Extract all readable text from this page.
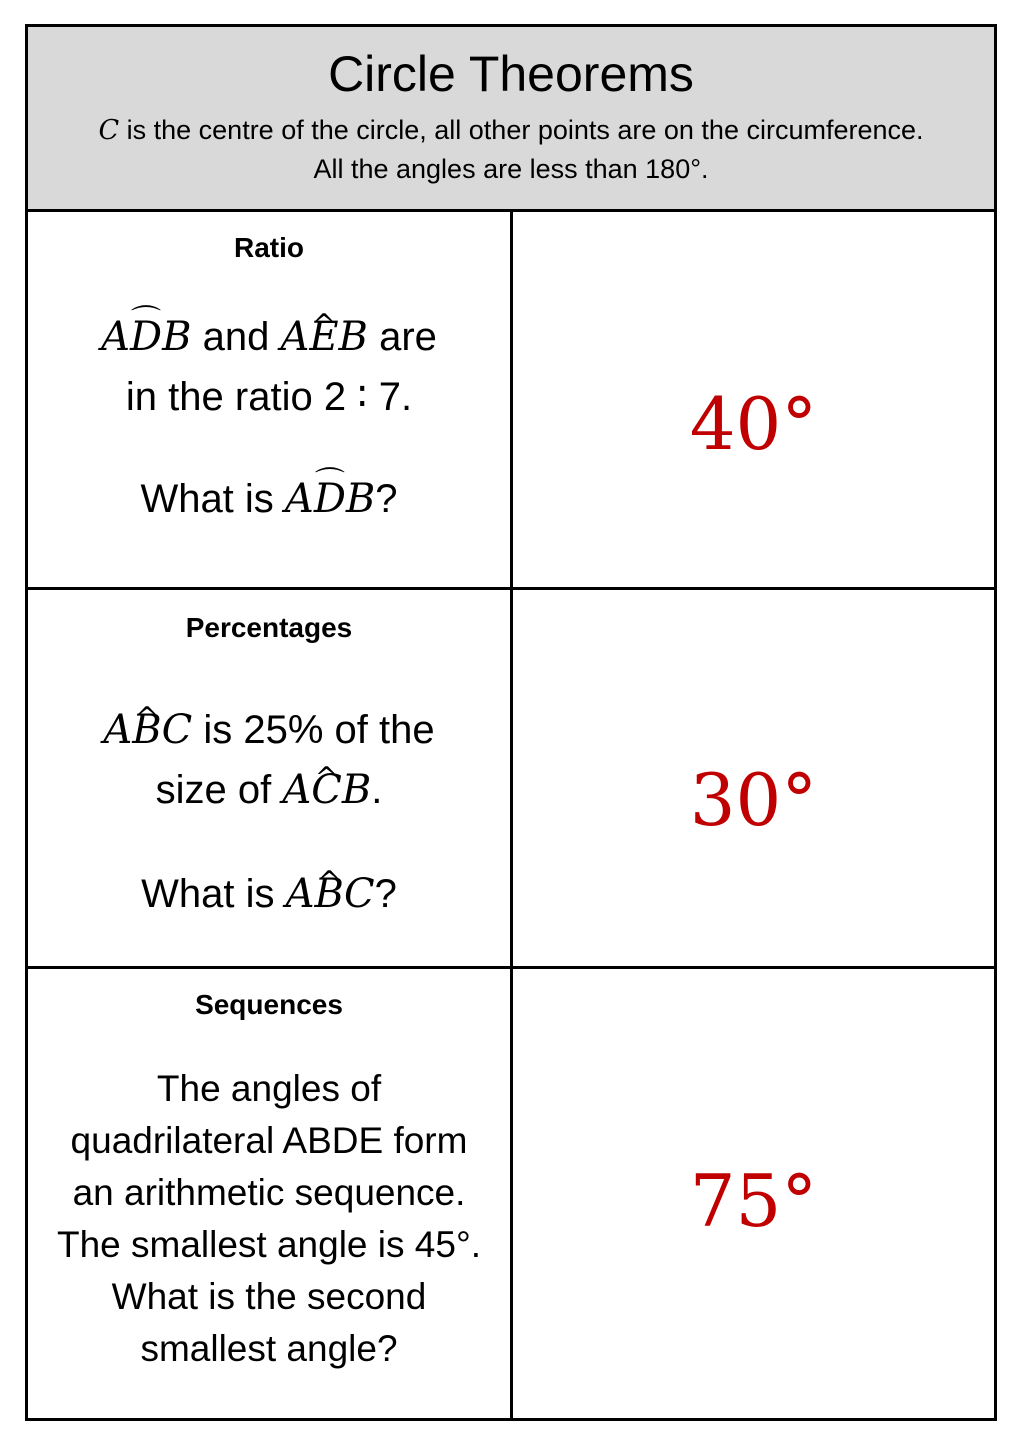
Circle Theorems
C is the centre of the circle, all other points are on the circumference.
All the angles are less than 180°.
Ratio

A⌒ DB and A^ EB are

in the ratio 2 ∶ 7.

What is A⌒ DB?

40°
Percentages

A^ BC is 25% of the

size of A^ CB.

What is A^ BC?

30°
Sequences

The angles of

quadrilateral ABDE form

an arithmetic sequence.

The smallest angle is 45°.

What is the second

smallest angle?

75°
